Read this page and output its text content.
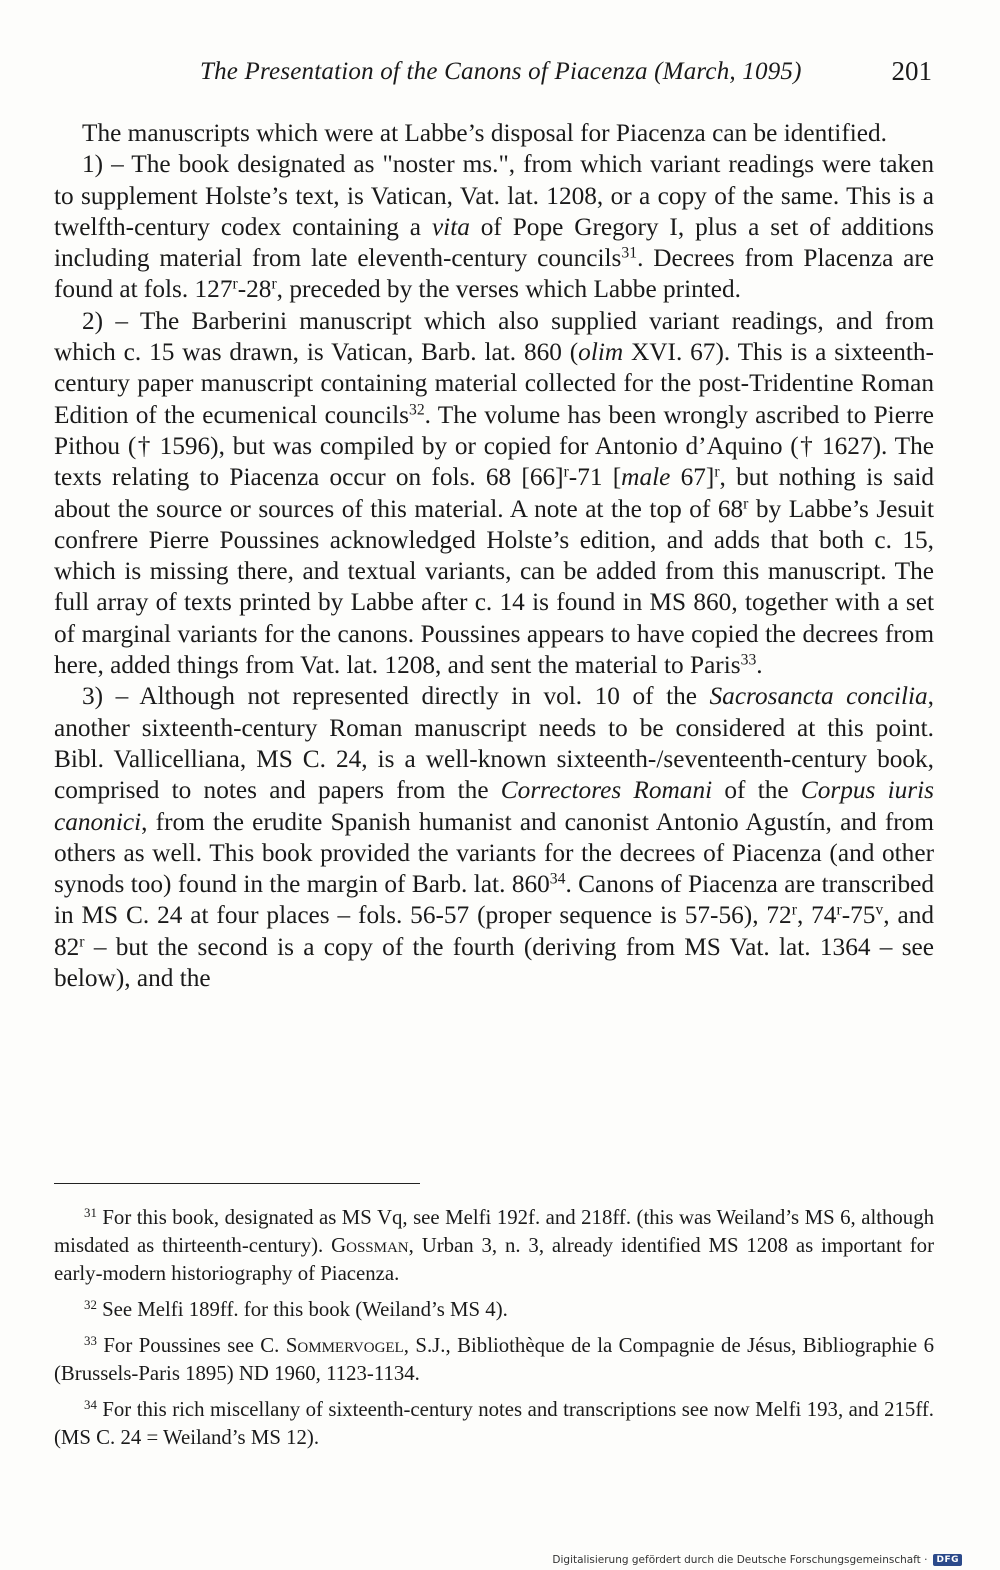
The Presentation of the Canons of Piacenza (March, 1095)	201

The manuscripts which were at Labbe’s disposal for Piacenza can be identified.

1) – The book designated as "noster ms.", from which variant readings were taken to supplement Holste’s text, is Vatican, Vat. lat. 1208, or a copy of the same. This is a twelfth-century codex containing a vita of Pope Gregory I, plus a set of additions including material from late eleventh-century councils$^{31}$. Decrees from Placenza are found at fols. 127$^r$-28$^r$, preceded by the verses which Labbe printed.

2) – The Barberini manuscript which also supplied variant readings, and from which c. 15 was drawn, is Vatican, Barb. lat. 860 (olim XVI. 67). This is a sixteenth-century paper manuscript containing material collected for the post-Tridentine Roman Edition of the ecumenical councils$^{32}$. The volume has been wrongly ascribed to Pierre Pithou († 1596), but was compiled by or copied for Antonio d’Aquino († 1627). The texts relating to Piacenza occur on fols. 68 $[66]^r-71$ [male 67]$^r$, but nothing is said about the source or sources of this material. A note at the top of 68$^r$ by Labbe’s Jesuit confrere Pierre Poussines acknowledged Holste’s edition, and adds that both c. 15, which is missing there, and textual variants, can be added from this manuscript. The full array of texts printed by Labbe after c. 14 is found in MS 860, together with a set of marginal variants for the canons. Poussines appears to have copied the decrees from here, added things from Vat. lat. 1208, and sent the material to Paris$^{33}$.

3) – Although not represented directly in vol. 10 of the Sacrosancta concilia, another sixteenth-century Roman manuscript needs to be considered at this point. Bibl. Vallicelliana, MS C. 24, is a well-known sixteenth-/seventeenth-century book, comprised to notes and papers from the Correctores Romani of the Corpus iuris canonici, from the erudite Spanish humanist and canonist Antonio Agustín, and from others as well. This book provided the variants for the decrees of Piacenza (and other synods too) found in the margin of Barb. lat. $860^{34}$. Canons of Piacenza are transcribed in MS C. 24 at four places – fols. 56-57 (proper sequence is 57-56), 72$^r$, 74$^r$-75$^v$, and 82$^r$ – but the second is a copy of the fourth (deriving from MS Vat. lat. 1364 – see below), and the

$^{31}$ For this book, designated as MS Vq, see Melfi 192f. and 218ff. (this was Weiland’s MS 6, although misdated as thirteenth-century). Gossman, Urban 3, n. 3, already identified MS 1208 as important for early-modern historiography of Piacenza.

$^{32}$ See Melfi 189ff. for this book (Weiland’s MS 4).

$^{33}$ For Poussines see C. Sommervogel, S.J., Bibliothèque de la Compagnie de Jésus, Bibliographie 6 (Brussels-Paris 1895) ND 1960, 1123-1134.

$^{34}$ For this rich miscellany of sixteenth-century notes and transcriptions see now Melfi 193, and 215ff. (MS C. 24 = Weiland’s MS 12).

Digitalisierung gefördert durch die Deutsche Forschungsgemeinschaft ·	DFG
